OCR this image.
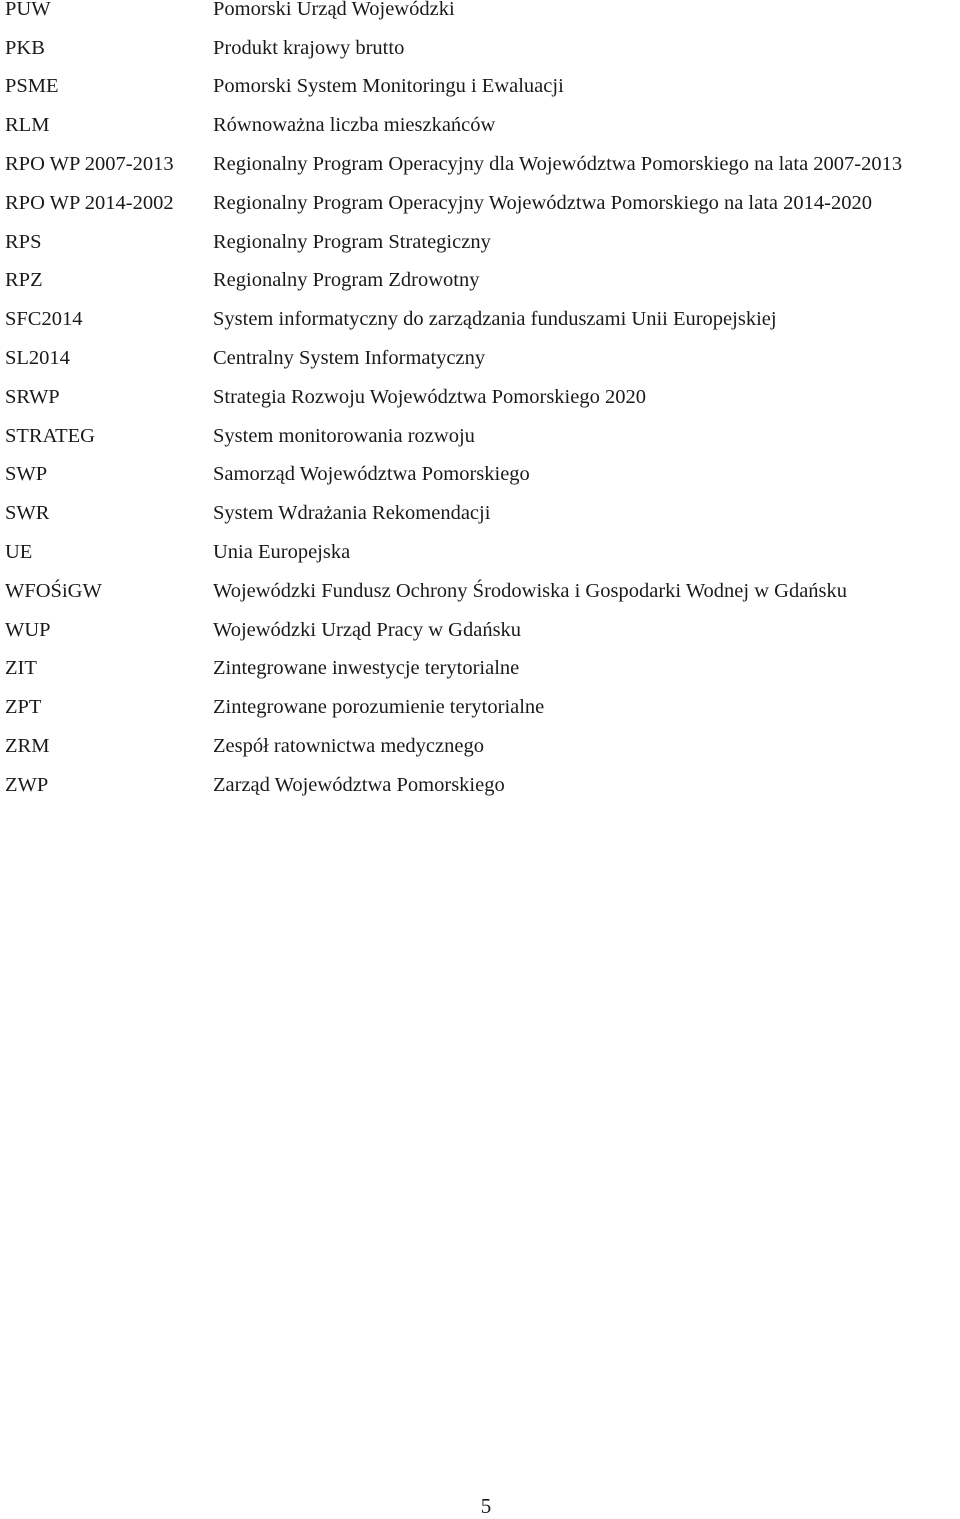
PUW	Pomorski Urząd Wojewódzki
PKB	Produkt krajowy brutto
PSME	Pomorski System Monitoringu i Ewaluacji
RLM	Równoważna liczba mieszkańców
RPO WP 2007-2013	Regionalny Program Operacyjny dla Województwa Pomorskiego na lata 2007-2013
RPO WP 2014-2002	Regionalny Program Operacyjny Województwa Pomorskiego na lata 2014-2020
RPS	Regionalny Program Strategiczny
RPZ	Regionalny Program Zdrowotny
SFC2014	System informatyczny do zarządzania funduszami Unii Europejskiej
SL2014	Centralny System Informatyczny
SRWP	Strategia Rozwoju Województwa Pomorskiego 2020
STRATEG	System monitorowania rozwoju
SWP	Samorząd Województwa Pomorskiego
SWR	System Wdrażania Rekomendacji
UE	Unia Europejska
WFOŚiGW	Wojewódzki Fundusz Ochrony Środowiska i Gospodarki Wodnej w Gdańsku
WUP	Wojewódzki Urząd Pracy w Gdańsku
ZIT	Zintegrowane inwestycje terytorialne
ZPT	Zintegrowane porozumienie terytorialne
ZRM	Zespół ratownictwa medycznego
ZWP	Zarząd Województwa Pomorskiego
5
